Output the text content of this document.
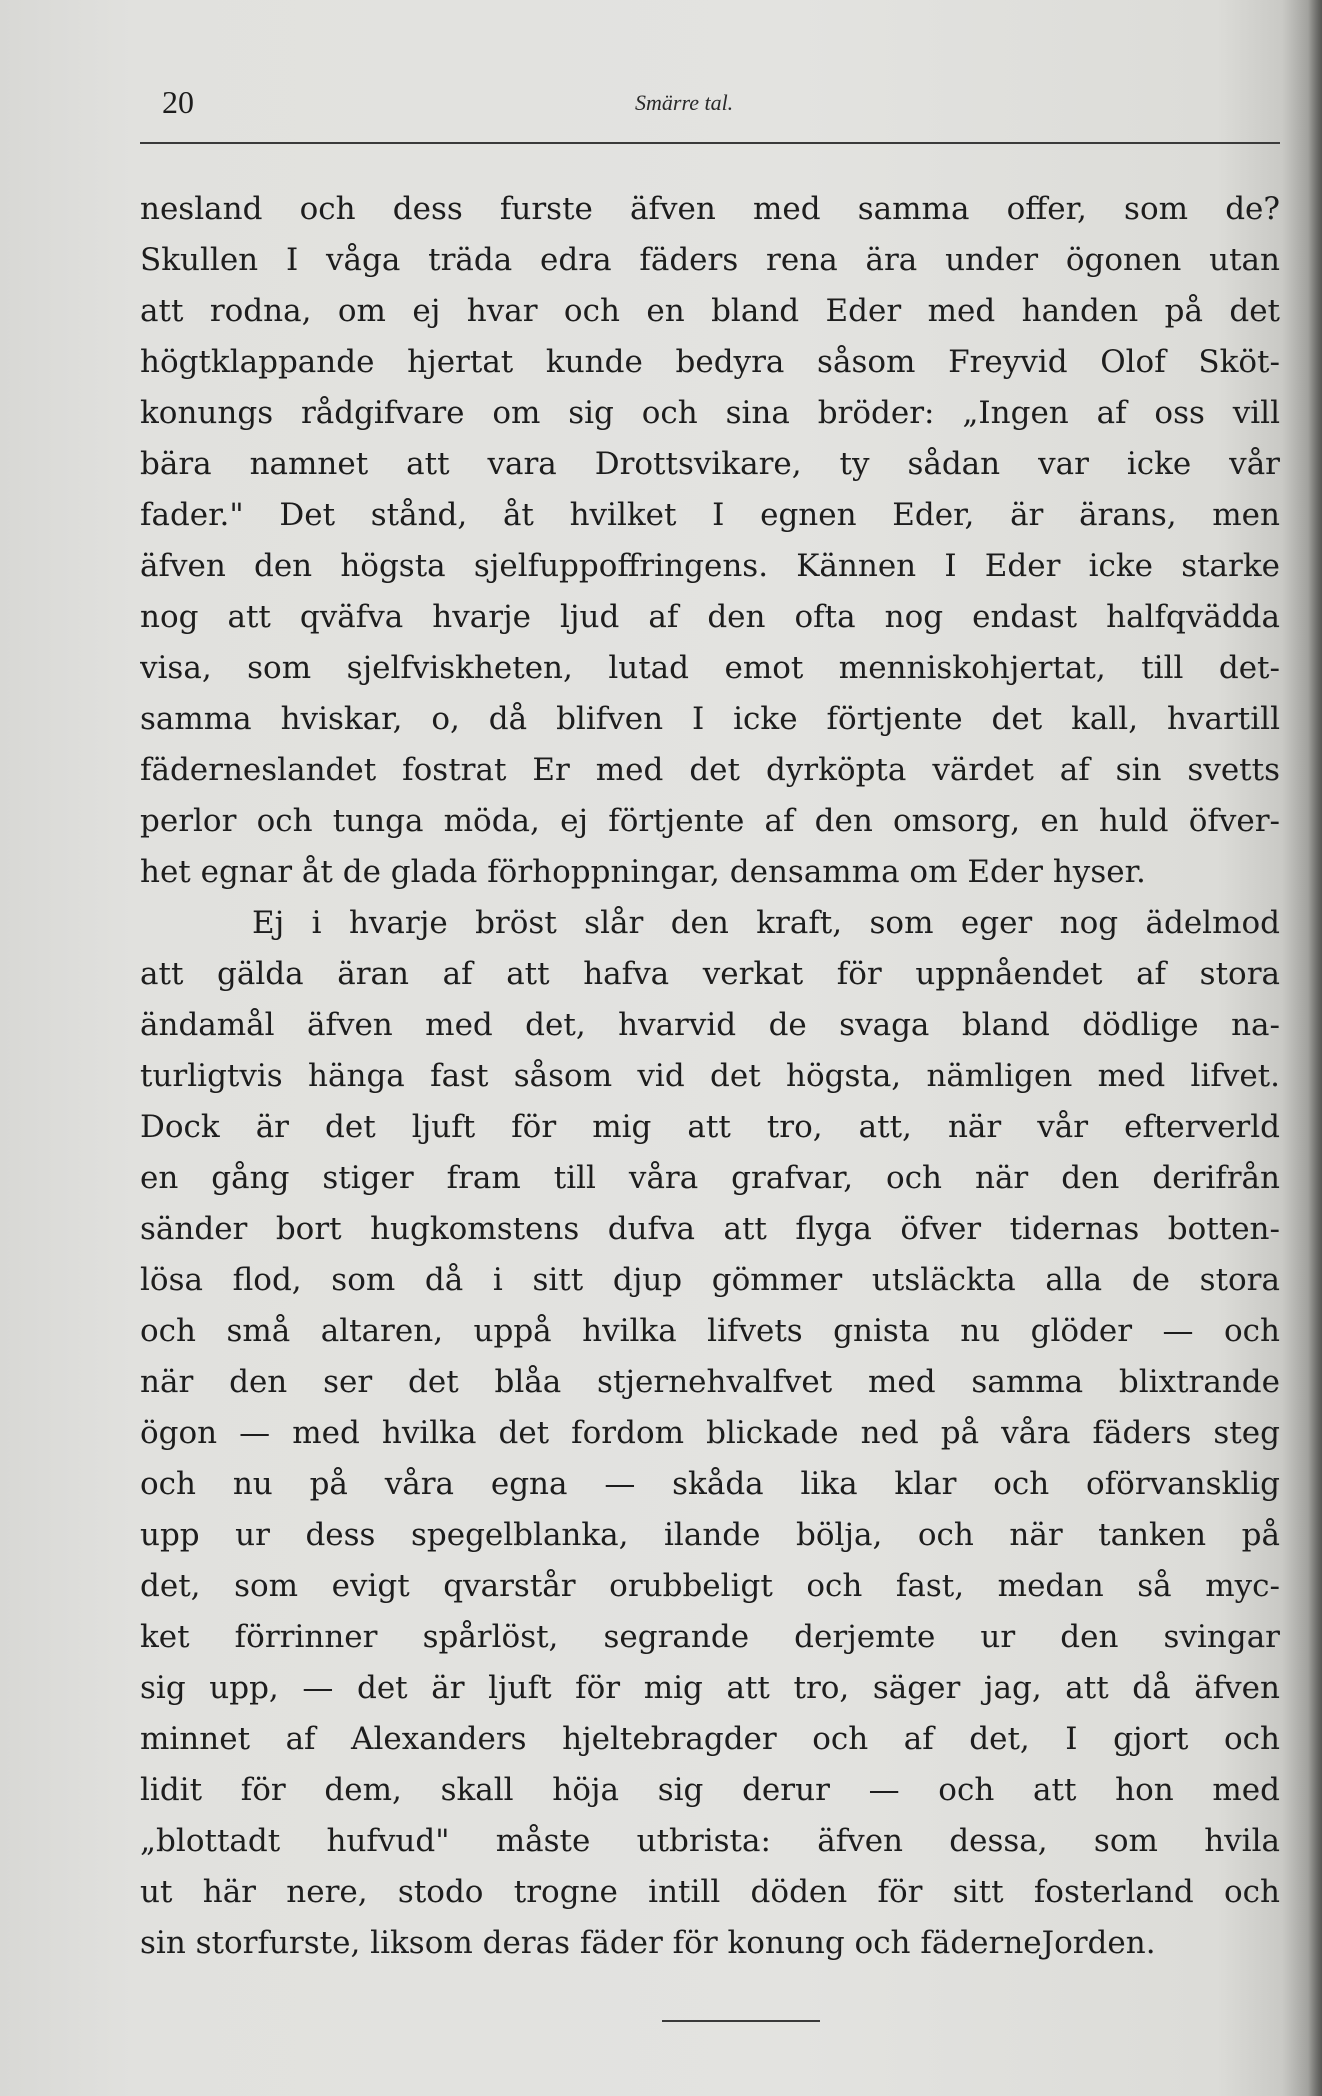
20	Smärre tal.
nesland och dess furste äfven med samma offer, som de?
Skullen I våga träda edra fäders rena ära under ögonen utan
att rodna, om ej hvar och en bland Eder med handen på det
högtklappande hjertat kunde bedyra såsom Freyvid Olof Sköt-
konungs rådgifvare om sig och sina bröder: „Ingen af oss vill
bära namnet att vara Drottsvikare, ty sådan var icke vår
fader." Det stånd, åt hvilket I egnen Eder, är ärans, men
äfven den högsta sjelfuppoffringens. Kännen I Eder icke starke
nog att qväfva hvarje ljud af den ofta nog endast halfqvädda
visa, som sjelfviskheten, lutad emot menniskohjertat, till det-
samma hviskar, o, då blifven I icke förtjente det kall, hvartill
fäderneslandet fostrat Er med det dyrköpta värdet af sin svetts
perlor och tunga möda, ej förtjente af den omsorg, en huld öfver-
het egnar åt de glada förhoppningar, densamma om Eder hyser.
Ej i hvarje bröst slår den kraft, som eger nog ädelmod
att gälda äran af att hafva verkat för uppnåendet af stora
ändamål äfven med det, hvarvid de svaga bland dödlige na-
turligtvis hänga fast såsom vid det högsta, nämligen med lifvet.
Dock är det ljuft för mig att tro, att, när vår efterverld
en gång stiger fram till våra grafvar, och när den derifrån
sänder bort hugkomstens dufva att flyga öfver tidernas botten-
lösa flod, som då i sitt djup gömmer utsläckta alla de stora
och små altaren, uppå hvilka lifvets gnista nu glöder — och
när den ser det blåa stjernehvalfvet med samma blixtrande
ögon — med hvilka det fordom blickade ned på våra fäders steg
och nu på våra egna — skåda lika klar och oförvansklig
upp ur dess spegelblanka, ilande bölja, och när tanken på
det, som evigt qvarstår orubbeligt och fast, medan så myc-
ket förrinner spårlöst, segrande derjemte ur den svingar
sig upp, — det är ljuft för mig att tro, säger jag, att då äfven
minnet af Alexanders hjeltebragder och af det, I gjort och
lidit för dem, skall höja sig derur — och att hon med
„blottadt hufvud" måste utbrista: äfven dessa, som hvila
ut här nere, stodo trogne intill döden för sitt fosterland och
sin storfurste, liksom deras fäder för konung och fäderneJorden.
